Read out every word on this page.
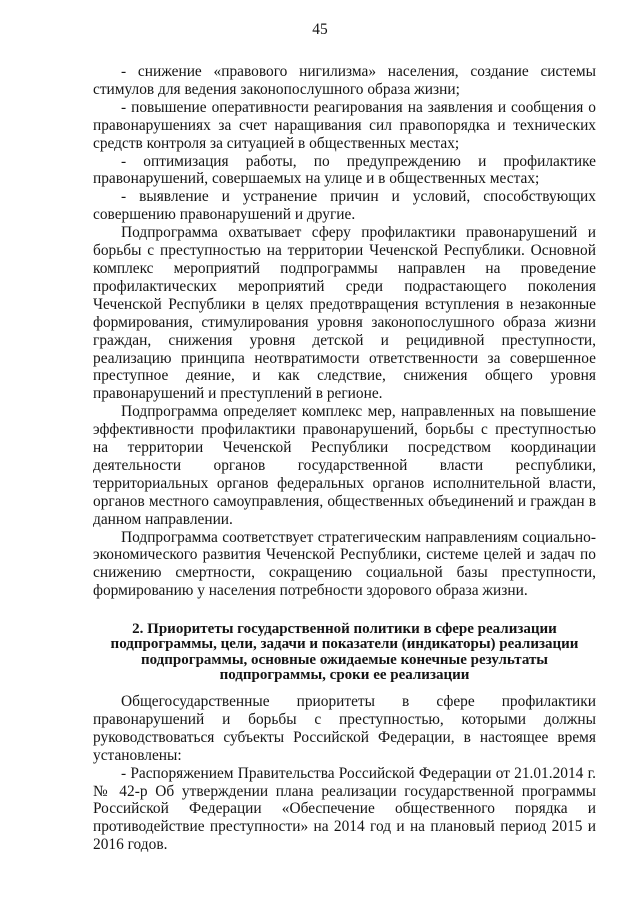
45

- снижение «правового нигилизма» населения, создание системы стимулов для ведения законопослушного образа жизни;

- повышение оперативности реагирования на заявления и сообщения о правонарушениях за счет наращивания сил правопорядка и технических средств контроля за ситуацией в общественных местах;

- оптимизация работы, по предупреждению и профилактике правонарушений, совершаемых на улице и в общественных местах;

- выявление и устранение причин и условий, способствующих совершению правонарушений и другие.

Подпрограмма охватывает сферу профилактики правонарушений и борьбы с преступностью на территории Чеченской Республики. Основной комплекс мероприятий подпрограммы направлен на проведение профилактических мероприятий среди подрастающего поколения Чеченской Республики в целях предотвращения вступления в незаконные формирования, стимулирования уровня законопослушного образа жизни граждан, снижения уровня детской и рецидивной преступности, реализацию принципа неотвратимости ответственности за совершенное преступное деяние, и как следствие, снижения общего уровня правонарушений и преступлений в регионе.

Подпрограмма определяет комплекс мер, направленных на повышение эффективности профилактики правонарушений, борьбы с преступностью на территории Чеченской Республики посредством координации деятельности органов государственной власти республики, территориальных органов федеральных органов исполнительной власти, органов местного самоуправления, общественных объединений и граждан в данном направлении.

Подпрограмма соответствует стратегическим направлениям социально-экономического развития Чеченской Республики, системе целей и задач по снижению смертности, сокращению социальной базы преступности, формированию у населения потребности здорового образа жизни.

2. Приоритеты государственной политики в сфере реализации подпрограммы, цели, задачи и показатели (индикаторы) реализации подпрограммы, основные ожидаемые конечные результаты подпрограммы, сроки ее реализации

Общегосударственные приоритеты в сфере профилактики правонарушений и борьбы с преступностью, которыми должны руководствоваться субъекты Российской Федерации, в настоящее время установлены:

- Распоряжением Правительства Российской Федерации от 21.01.2014 г. № 42-р Об утверждении плана реализации государственной программы Российской Федерации «Обеспечение общественного порядка и противодействие преступности» на 2014 год и на плановый период 2015 и 2016 годов.
